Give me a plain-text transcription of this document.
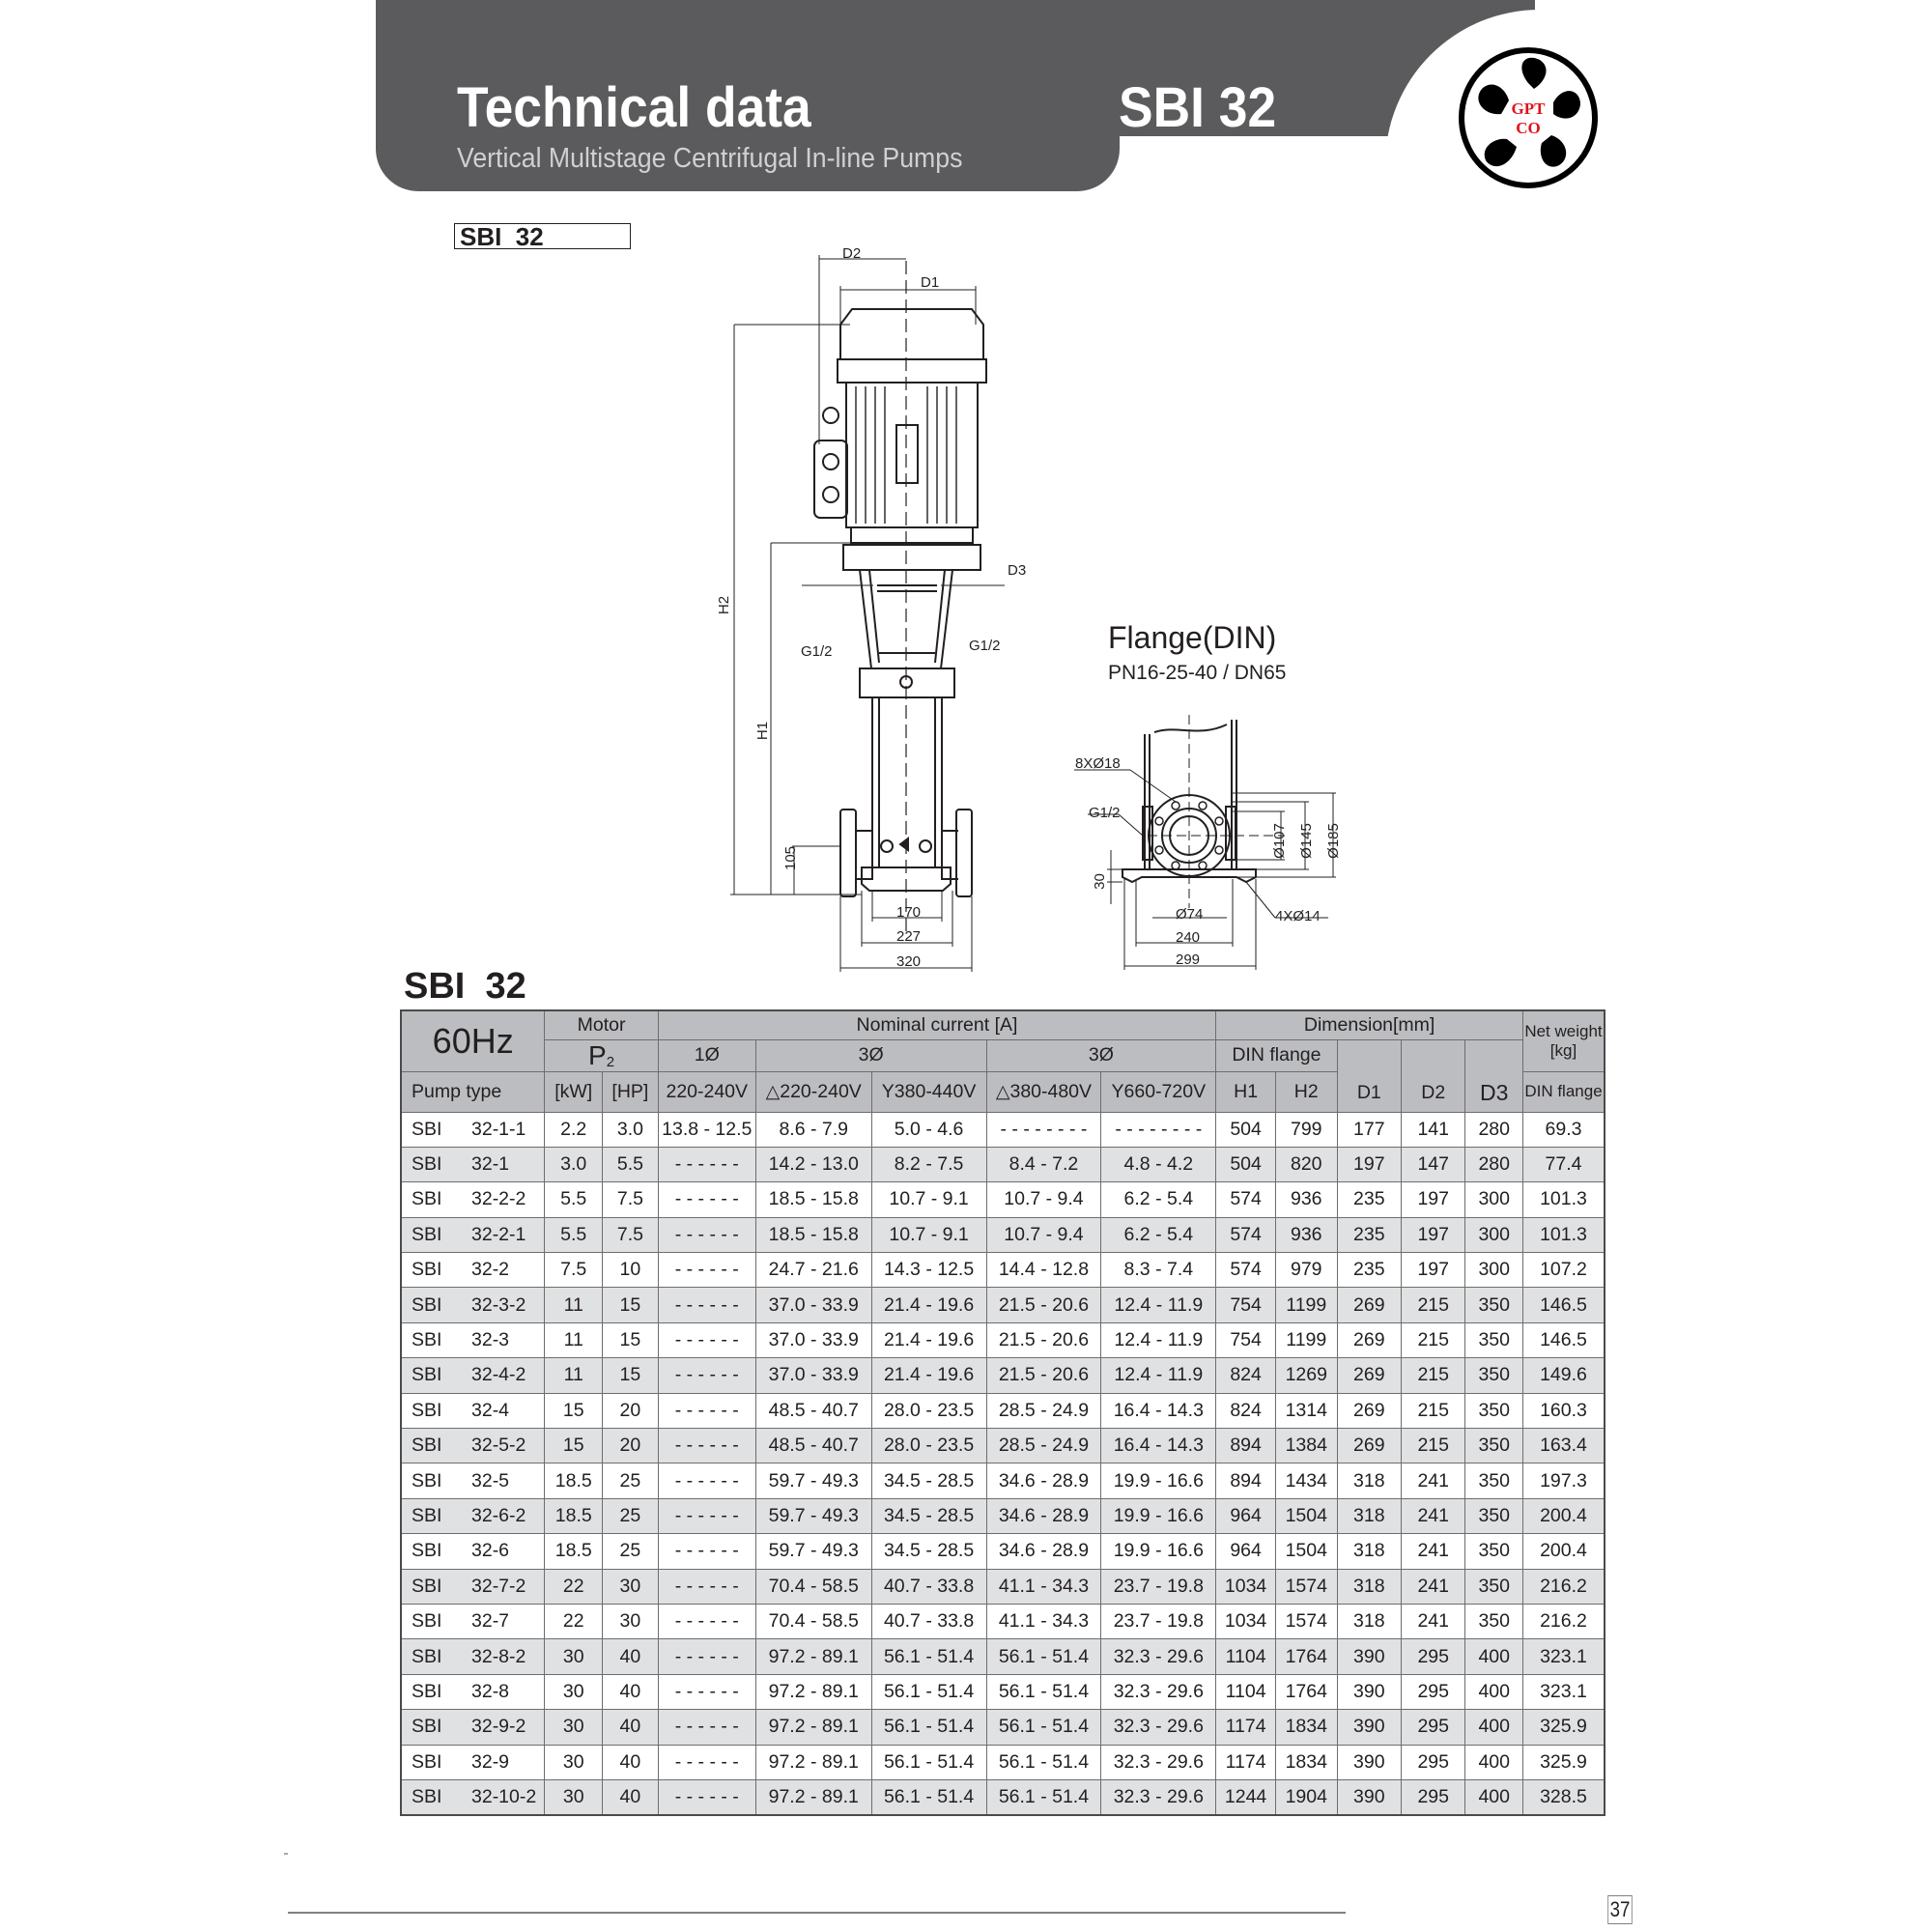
Technical data
Vertical Multistage Centrifugal In-line Pumps
SBI 32	GPT
CO
SBI  32
D2
D1
D3
H2
H1
G1/2	G1/2
105
170
227
320
Flange(DIN)
PN16-25-40 / DN65
8XØ18
G1/2
Ø107 Ø145 Ø185
30
Ø74
240
299
4XØ14
SBI  32
60Hz	Motor		Nominal current [A]					Dimension[mm]					Net weight
[kg]
	$P_2$		1Ø	3Ø		3Ø		DIN flange		D1	D2	D3	
Pump type	[kW]	[HP]	220-240V	△220-240V	Y380-440V	△380-480V	Y660-720V	H1	H2				DIN flange
SBI 32-1-1	2.2	3.0	13.8 - 12.5	8.6 - 7.9	5.0 - 4.6	- - - - - - - -	- - - - - - - -	504	799	177	141	280	69.3
SBI 32-1	3.0	5.5	- - - - - -	14.2 - 13.0	8.2 - 7.5	8.4 - 7.2	4.8 - 4.2	504	820	197	147	280	77.4
SBI 32-2-2	5.5	7.5	- - - - - -	18.5 - 15.8	10.7 - 9.1	10.7 - 9.4	6.2 - 5.4	574	936	235	197	300	101.3
SBI 32-2-1	5.5	7.5	- - - - - -	18.5 - 15.8	10.7 - 9.1	10.7 - 9.4	6.2 - 5.4	574	936	235	197	300	101.3
SBI 32-2	7.5	10	- - - - - -	24.7 - 21.6	14.3 - 12.5	14.4 - 12.8	8.3 - 7.4	574	979	235	197	300	107.2
SBI 32-3-2	11	15	- - - - - -	37.0 - 33.9	21.4 - 19.6	21.5 - 20.6	12.4 - 11.9	754	1199	269	215	350	146.5
SBI 32-3	11	15	- - - - - -	37.0 - 33.9	21.4 - 19.6	21.5 - 20.6	12.4 - 11.9	754	1199	269	215	350	146.5
SBI 32-4-2	11	15	- - - - - -	37.0 - 33.9	21.4 - 19.6	21.5 - 20.6	12.4 - 11.9	824	1269	269	215	350	149.6
SBI 32-4	15	20	- - - - - -	48.5 - 40.7	28.0 - 23.5	28.5 - 24.9	16.4 - 14.3	824	1314	269	215	350	160.3
SBI 32-5-2	15	20	- - - - - -	48.5 - 40.7	28.0 - 23.5	28.5 - 24.9	16.4 - 14.3	894	1384	269	215	350	163.4
SBI 32-5	18.5	25	- - - - - -	59.7 - 49.3	34.5 - 28.5	34.6 - 28.9	19.9 - 16.6	894	1434	318	241	350	197.3
SBI 32-6-2	18.5	25	- - - - - -	59.7 - 49.3	34.5 - 28.5	34.6 - 28.9	19.9 - 16.6	964	1504	318	241	350	200.4
SBI 32-6	18.5	25	- - - - - -	59.7 - 49.3	34.5 - 28.5	34.6 - 28.9	19.9 - 16.6	964	1504	318	241	350	200.4
SBI 32-7-2	22	30	- - - - - -	70.4 - 58.5	40.7 - 33.8	41.1 - 34.3	23.7 - 19.8	1034	1574	318	241	350	216.2
SBI 32-7	22	30	- - - - - -	70.4 - 58.5	40.7 - 33.8	41.1 - 34.3	23.7 - 19.8	1034	1574	318	241	350	216.2
SBI 32-8-2	30	40	- - - - - -	97.2 - 89.1	56.1 - 51.4	56.1 - 51.4	32.3 - 29.6	1104	1764	390	295	400	323.1
SBI 32-8	30	40	- - - - - -	97.2 - 89.1	56.1 - 51.4	56.1 - 51.4	32.3 - 29.6	1104	1764	390	295	400	323.1
SBI 32-9-2	30	40	- - - - - -	97.2 - 89.1	56.1 - 51.4	56.1 - 51.4	32.3 - 29.6	1174	1834	390	295	400	325.9
SBI 32-9	30	40	- - - - - -	97.2 - 89.1	56.1 - 51.4	56.1 - 51.4	32.3 - 29.6	1174	1834	390	295	400	325.9
SBI 32-10-2	30	40	- - - - - -	97.2 - 89.1	56.1 - 51.4	56.1 - 51.4	32.3 - 29.6	1244	1904	390	295	400	328.5
37
